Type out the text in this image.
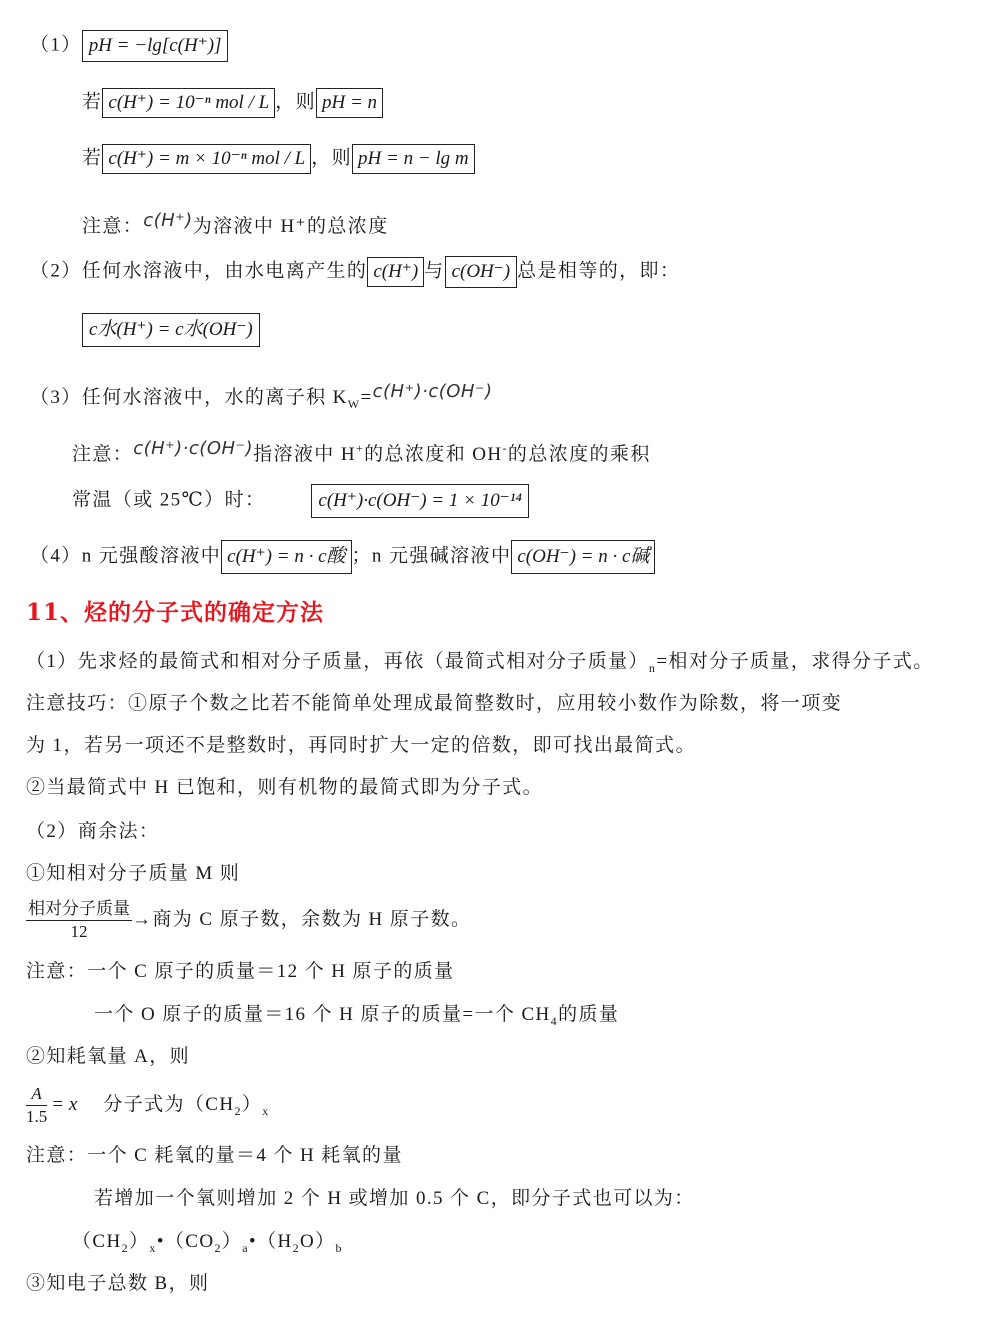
（1） pH = −lg[c(H⁺)]
若 c(H⁺) = 10⁻ⁿ mol / L ，则 pH = n
若 c(H⁺) = m × 10⁻ⁿ mol / L ，则 pH = n − lg m
注意：c(H⁺)为溶液中 H⁺的总浓度
（2）任何水溶液中，由水电离产生的 c(H⁺) 与 c(OH⁻) 总是相等的，即：
c水(H⁺) = c水(OH⁻)
（3）任何水溶液中，水的离子积 $K_W=c(H^+)\cdot c(OH^-)$
注意：c(H⁺)·c(OH⁻)指溶液中 H+的总浓度和 OH-的总浓度的乘积
常温（或 25℃）时：	c(H⁺)·c(OH⁻) = 1 × 10⁻¹⁴
（4）n 元强酸溶液中 c(H⁺) = n · c酸 ；n 元强碱溶液中 c(OH⁻) = n · c碱
11、烃的分子式的确定方法
（1）先求烃的最简式和相对分子质量，再依（最简式相对分子质量）$_n=$相对分子质量，求得分子式。
注意技巧：①原子个数之比若不能简单处理成最简整数时，应用较小数作为除数，将一项变
为 1，若另一项还不是整数时，再同时扩大一定的倍数，即可找出最简式。
②当最简式中 H 已饱和，则有机物的最简式即为分子式。
（2）商余法：
①知相对分子质量 M 则
$\frac{\text{相对分子质量}}{12}$ →商为 C 原子数，余数为 H 原子数。
注意：一个 C 原子的质量＝12 个 H 原子的质量
一个 O 原子的质量＝16 个 H 原子的质量=一个 $CH_4$的质量
②知耗氧量 A，则
$\frac{A}{1.5} = x$ 分子式为$(CH_2)_x$
注意：一个 C 耗氧的量＝4 个 H 耗氧的量
若增加一个氧则增加 2 个 H 或增加 0.5 个 C，即分子式也可以为：
$(CH_2)_x•(CO_2)_a•(H_2O)_b$
③知电子总数 B，则
